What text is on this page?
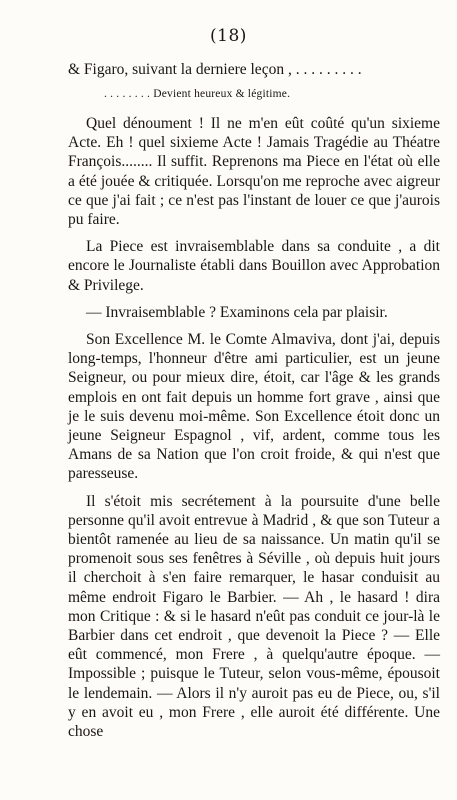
(18)

& Figaro, suivant la derniere leçon , . . . . . . . . .

. . . . . . . . Devient heureux & légitime.

Quel dénoument ! Il ne m'en eût coûté qu'un sixieme Acte. Eh ! quel sixieme Acte ! Jamais Tragédie au Théatre François........ Il suffit. Reprenons ma Piece en l'état où elle a été jouée & critiquée. Lorsqu'on me reproche avec aigreur ce que j'ai fait ; ce n'est pas l'instant de louer ce que j'aurois pu faire.

La Piece est invraisemblable dans sa conduite , a dit encore le Journaliste établi dans Bouillon avec Approbation & Privilege.

— Invraisemblable ? Examinons cela par plaisir.

Son Excellence M. le Comte Almaviva, dont j'ai, depuis long-temps, l'honneur d'être ami particulier, est un jeune Seigneur, ou pour mieux dire, étoit, car l'âge & les grands emplois en ont fait depuis un homme fort grave , ainsi que je le suis devenu moi-même. Son Excellence étoit donc un jeune Seigneur Espagnol , vif, ardent, comme tous les Amans de sa Nation que l'on croit froide, & qui n'est que paresseuse.

Il s'étoit mis secrétement à la poursuite d'une belle personne qu'il avoit entrevue à Madrid , & que son Tuteur a bientôt ramenée au lieu de sa naissance. Un matin qu'il se promenoit sous ses fenêtres à Séville , où depuis huit jours il cherchoit à s'en faire remarquer, le hasar conduisit au même endroit Figaro le Barbier. — Ah , le hasard ! dira mon Critique : & si le hasard n'eût pas conduit ce jour-là le Barbier dans cet endroit , que devenoit la Piece ? — Elle eût commencé, mon Frere , à quelqu'autre époque. — Impossible ; puisque le Tuteur, selon vous-même, épousoit le lendemain. — Alors il n'y auroit pas eu de Piece, ou, s'il y en avoit eu , mon Frere , elle auroit été différente. Une chose
